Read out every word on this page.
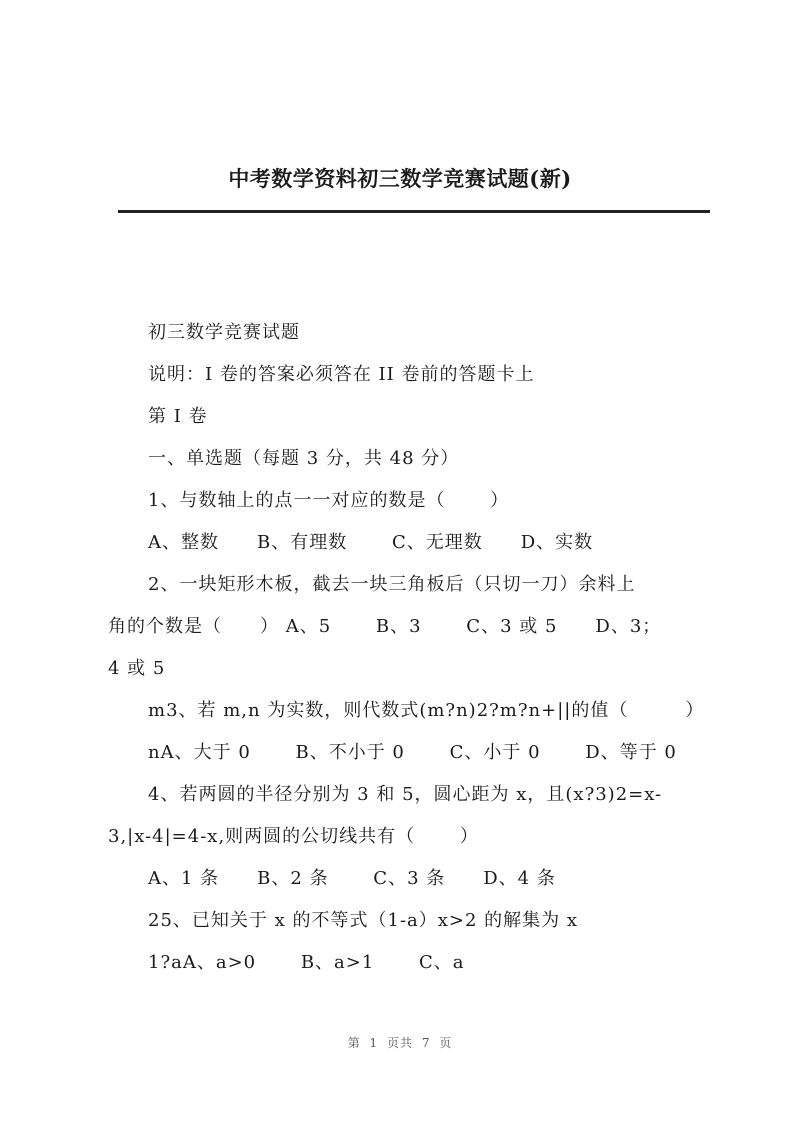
中考数学资料初三数学竞赛试题(新)

初三数学竞赛试题

说明：I 卷的答案必须答在 II 卷前的答题卡上

第 I 卷

一、单选题（每题 3 分，共 48 分）

1、与数轴上的点一一对应的数是（　　 ）

A、整数　　B、有理数　　 C、无理数　　D、实数

2、一块矩形木板，截去一块三角板后（只切一刀）余料上

角的个数是（　　） A、5　　 B、3　　 C、3 或 5　　D、3；

4 或 5

m3、若 m,n 为实数，则代数式(m?n)2?m?n+||的值（　　　）

nA、大于 0　　 B、不小于 0　　 C、小于 0　　 D、等于 0

4、若两圆的半径分别为 3 和 5，圆心距为 x，且(x?3)2=x-

3,|x-4|=4-x,则两圆的公切线共有（　　 ）

A、1 条　　B、2 条　　 C、3 条　　D、4 条

25、已知关于 x 的不等式（1-a）x>2 的解集为 x

1?aA、a>0　　 B、a>1　　 C、a

第 1 页共 7 页
